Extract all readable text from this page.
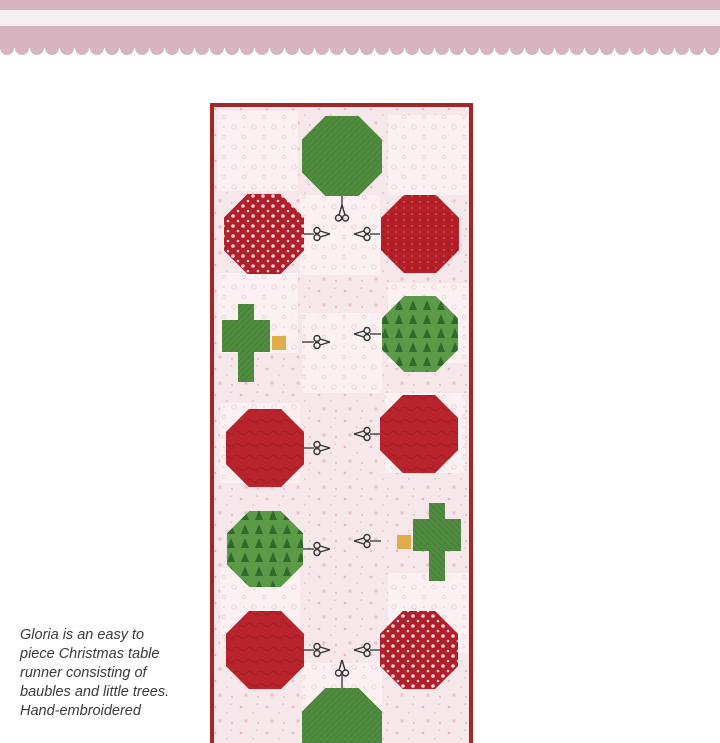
Gloria is an easy to
piece Christmas table
runner consisting of
baubles and little trees.
Hand-embroidered
